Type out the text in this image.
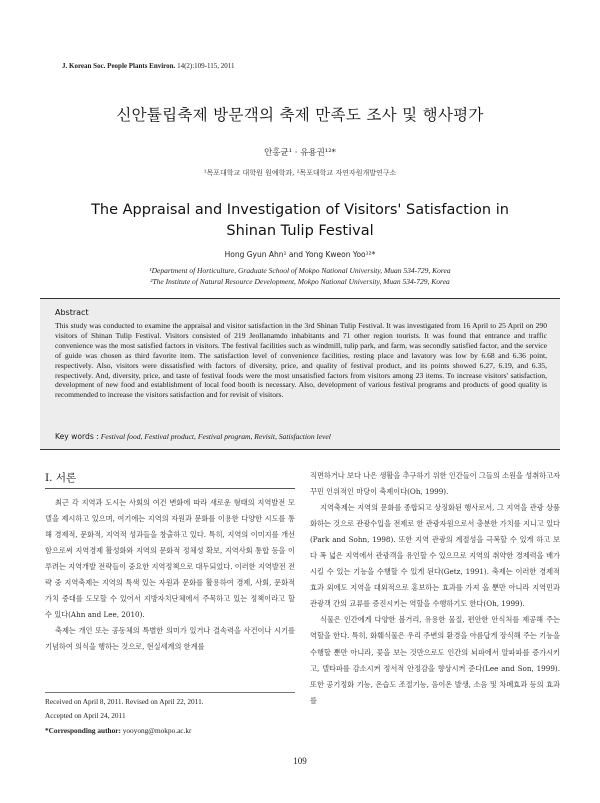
J. Korean Soc. People Plants Environ. 14(2):109-115, 2011
신안튤립축제 방문객의 축제 만족도 조사 및 행사평가
안홍균¹ · 유용권¹²*
¹목포대학교 대학원 원예학과, ²목포대학교 자연자원개발연구소
The Appraisal and Investigation of Visitors' Satisfaction in
Shinan Tulip Festival
Hong Gyun Ahn¹ and Yong Kweon Yoo¹²*
¹Department of Horticulture, Graduate School of Mokpo National University, Muan 534-729, Korea
²The Institute of Natural Resource Development, Mokpo National University, Muan 534-729, Korea
Abstract
This study was conducted to examine the appraisal and visitor satisfaction in the 3rd Shinan Tulip Festival. It was investigated from 16 April to 25 April on 290 visitors of Shinan Tulip Festival. Visitors consisted of 219 Jeollanamdo inhabitants and 71 other region tourists. It was found that entrance and traffic convenience was the most satisfied factors in visitors. The festival facilities such as windmill, tulip park, and farm, was secondly satisfied factor, and the service of guide was chosen as third favorite item. The satisfaction level of convenience facilities, resting place and lavatory was low by 6.68 and 6.36 point, respectively. Also, visitors were dissatisfied with factors of diversity, price, and quality of festival product, and its points showed 6.27, 6.19, and 6.35, respectively. And, diversity, price, and taste of festival foods were the most unsatisfied factors from visitors among 23 items. To increase visitors' satisfaction, development of new food and establishment of local food booth is necessary. Also, development of various festival programs and products of good quality is recommended to increase the visitors satisfaction and for revisit of visitors.
Key words : Festival food, Festival product, Festival program, Revisit, Satisfaction level
I. 서론

최근 각 지역과 도시는 사회의 여건 변화에 따라 새로운 형태의 지역발전 모델을 제시하고 있으며, 여기에는 지역의 자원과 문화를 이용한 다양한 시도를 통해 경제적, 문화적, 지역적 성과들을 창출하고 있다. 특히, 지역의 이미지를 개선함으로써 지역경제 활성화와 지역의 문화적 정체성 확보, 지역사회 통합 등을 이루려는 지역개발 전략들이 중요한 지역정책으로 대두되었다. 이러한 지역발전 전략 중 지역축제는 지역의 특색 있는 자원과 문화를 활용하여 경제, 사회, 문화적 가치 증대를 도모할 수 있어서 지방자치단체에서 주목하고 있는 정책이라고 할 수 있다(Ahn and Lee, 2010).

축제는 개인 또는 공동체의 특별한 의미가 있거나 결속력을 사건이나 시기를 기념하여 의식을 행하는 것으로, 현실세계의 한계를

직면하거나 보다 나은 생활을 추구하기 위한 인간들이 그들의 소원을 성취하고자 꾸민 인위적인 마당이 축제이다(Oh, 1999).

지역축제는 지역의 문화를 종합되고 상징화된 행사로서, 그 지역을 관광 상품화하는 것으로 관광수입을 전제로 한 관광자원으로서 충분한 가치를 지니고 있다(Park and Sohn, 1998). 또한 지역 관광의 계절성을 극복할 수 있게 하고 보다 폭 넓은 지역에서 관광객을 유인할 수 있으므로 지역의 취약한 경제력을 배가시킬 수 있는 기능을 수행할 수 있게 된다(Getz, 1991). 축제는 이러한 경제적 효과 외에도 지역을 대외적으로 홍보하는 효과를 가져 올 뿐만 아니라 지역민과 관광객 간의 교류를 증진시키는 역할을 수행하기도 한다(Oh, 1999).

식물은 인간에게 다양한 볼거리, 유용한 물질, 편안한 안식처를 제공해 주는 역할을 한다. 특히, 화훼식물은 우리 주변의 환경을 아름답게 장식해 주는 기능을 수행할 뿐만 아니라, 꽃을 보는 것만으로도 인간의 뇌파에서 알파파를 증가시키고, 델타파를 감소시켜 정서적 안정감을 향상시켜 준다(Lee and Son, 1999). 또한 공기정화 기능, 온습도 조절기능, 음이온 발생, 소음 및 차폐효과 등의 효과를

Received on April 8, 2011. Revised on April 22, 2011.
Accepted on April 24, 2011
*Corresponding author: yooyong@mokpo.ac.kr
109
